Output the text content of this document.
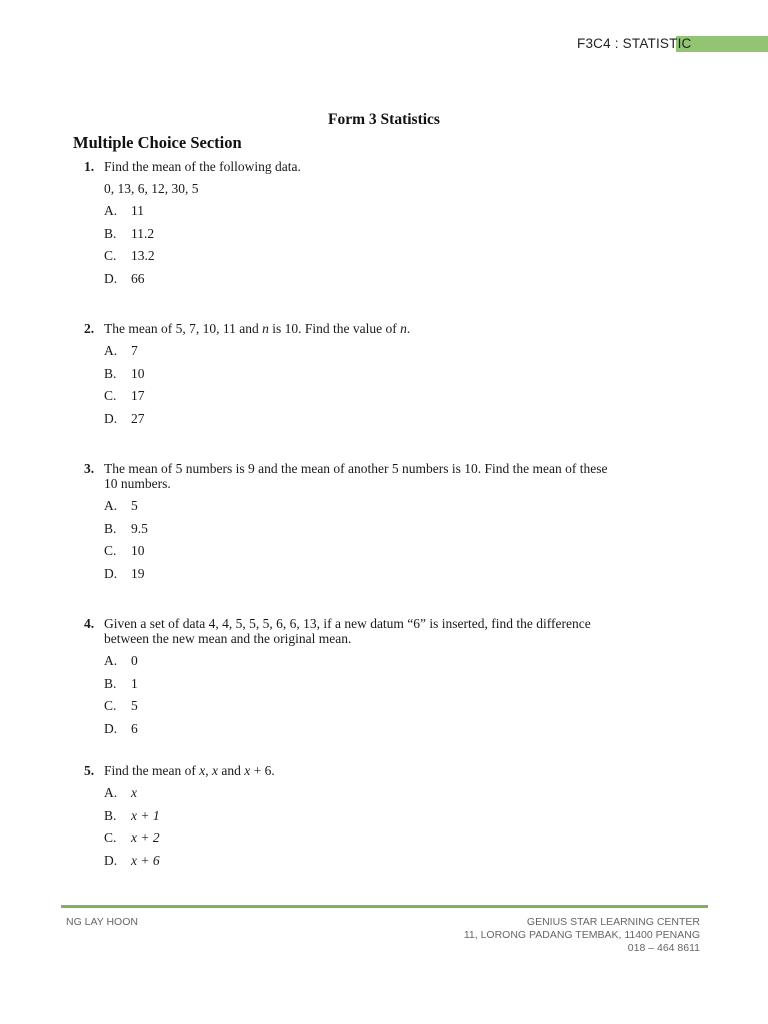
F3C4 : STATISTIC
Form 3 Statistics
Multiple Choice Section
1. Find the mean of the following data.
0, 13, 6, 12, 30, 5
A.	11
B.	11.2
C.	13.2
D.	66
2. The mean of 5, 7, 10, 11 and n is 10. Find the value of n.
A.	7
B.	10
C.	17
D.	27
3. The mean of 5 numbers is 9 and the mean of another 5 numbers is 10. Find the mean of these
10 numbers.
A.	5
B.	9.5
C.	10
D.	19
4. Given a set of data 4, 4, 5, 5, 5, 6, 6, 13, if a new datum “6” is inserted, find the difference
between the new mean and the original mean.
A.	0
B.	1
C.	5
D.	6
5. Find the mean of x, x and x + 6.
A.	x
B.	x + 1
C.	x + 2
D.	x + 6
NG LAY HOON	GENIUS STAR LEARNING CENTER
11, LORONG PADANG TEMBAK, 11400 PENANG
018 – 464 8611
